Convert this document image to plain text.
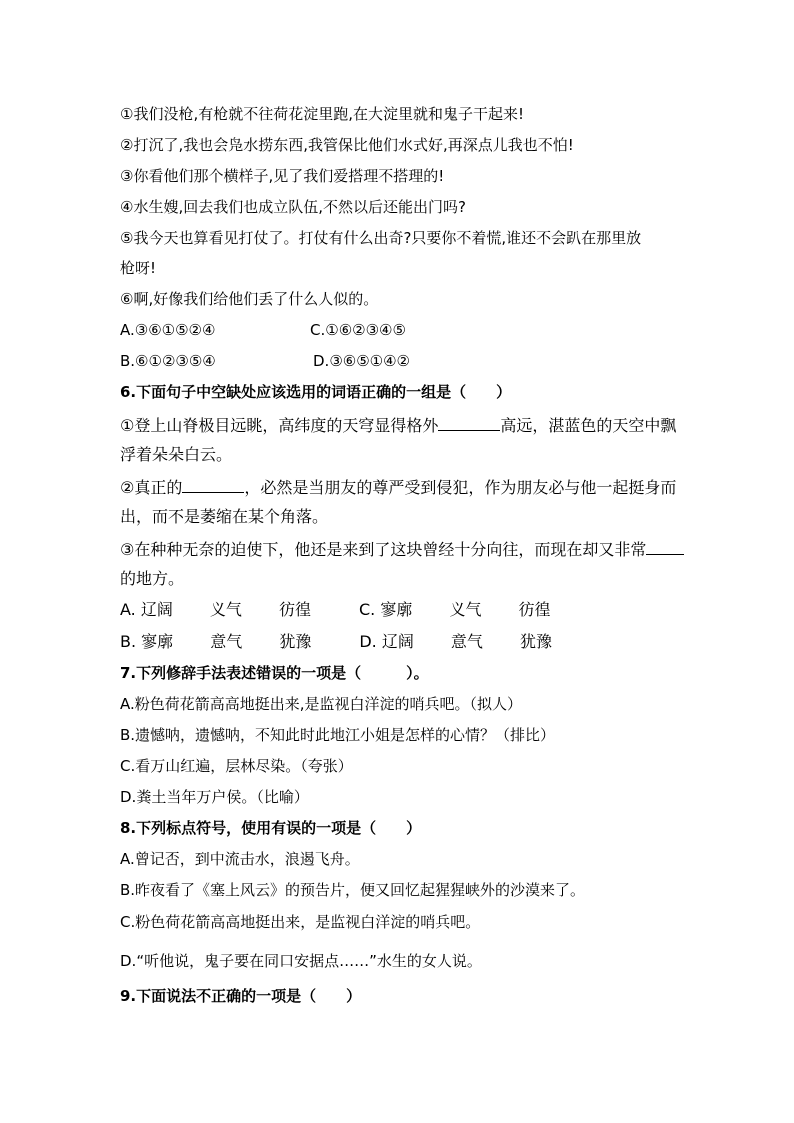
①我们没枪,有枪就不往荷花淀里跑,在大淀里就和鬼子干起来!
②打沉了,我也会凫水捞东西,我管保比他们水式好,再深点儿我也不怕!
③你看他们那个横样子,见了我们爱搭理不搭理的!
④水生嫂,回去我们也成立队伍,不然以后还能出门吗?
⑤我今天也算看见打仗了。打仗有什么出奇?只要你不着慌,谁还不会趴在那里放
枪呀!
⑥啊,好像我们给他们丢了什么人似的。
A.③⑥①⑤②④	C.①⑥②③④⑤
B.⑥①②③⑤④	D.③⑥⑤①④②
6.下面句子中空缺处应该选用的词语正确的一组是（　　）
①登上山脊极目远眺，高纬度的天穹显得格外	高远，湛蓝色的天空中飘
浮着朵朵白云。
②真正的	，必然是当朋友的尊严受到侵犯，作为朋友必与他一起挺身而
出，而不是萎缩在某个角落。
③在种种无奈的迫使下，他还是来到了这块曾经十分向往，而现在却又非常
的地方。
A. 辽阔　　 义气　　 彷徨　　　C. 寥廓　　 义气　　 彷徨
B. 寥廓　　 意气　　 犹豫　　　D. 辽阔　　 意气　　 犹豫
7.下列修辞手法表述错误的一项是（　　　）。
A.粉色荷花箭高高地挺出来,是监视白洋淀的哨兵吧。（拟人）
B.遗憾呐，遗憾呐，不知此时此地江小姐是怎样的心情？（排比）
C.看万山红遍，层林尽染。（夸张）
D.粪土当年万户侯。（比喻）
8.下列标点符号，使用有误的一项是（　　）
A.曾记否，到中流击水，浪遏飞舟。
B.昨夜看了《塞上风云》的预告片，便又回忆起猩猩峡外的沙漠来了。
C.粉色荷花箭高高地挺出来，是监视白洋淀的哨兵吧。
D.“听他说，鬼子要在同口安据点……”水生的女人说。
9.下面说法不正确的一项是（　　）
